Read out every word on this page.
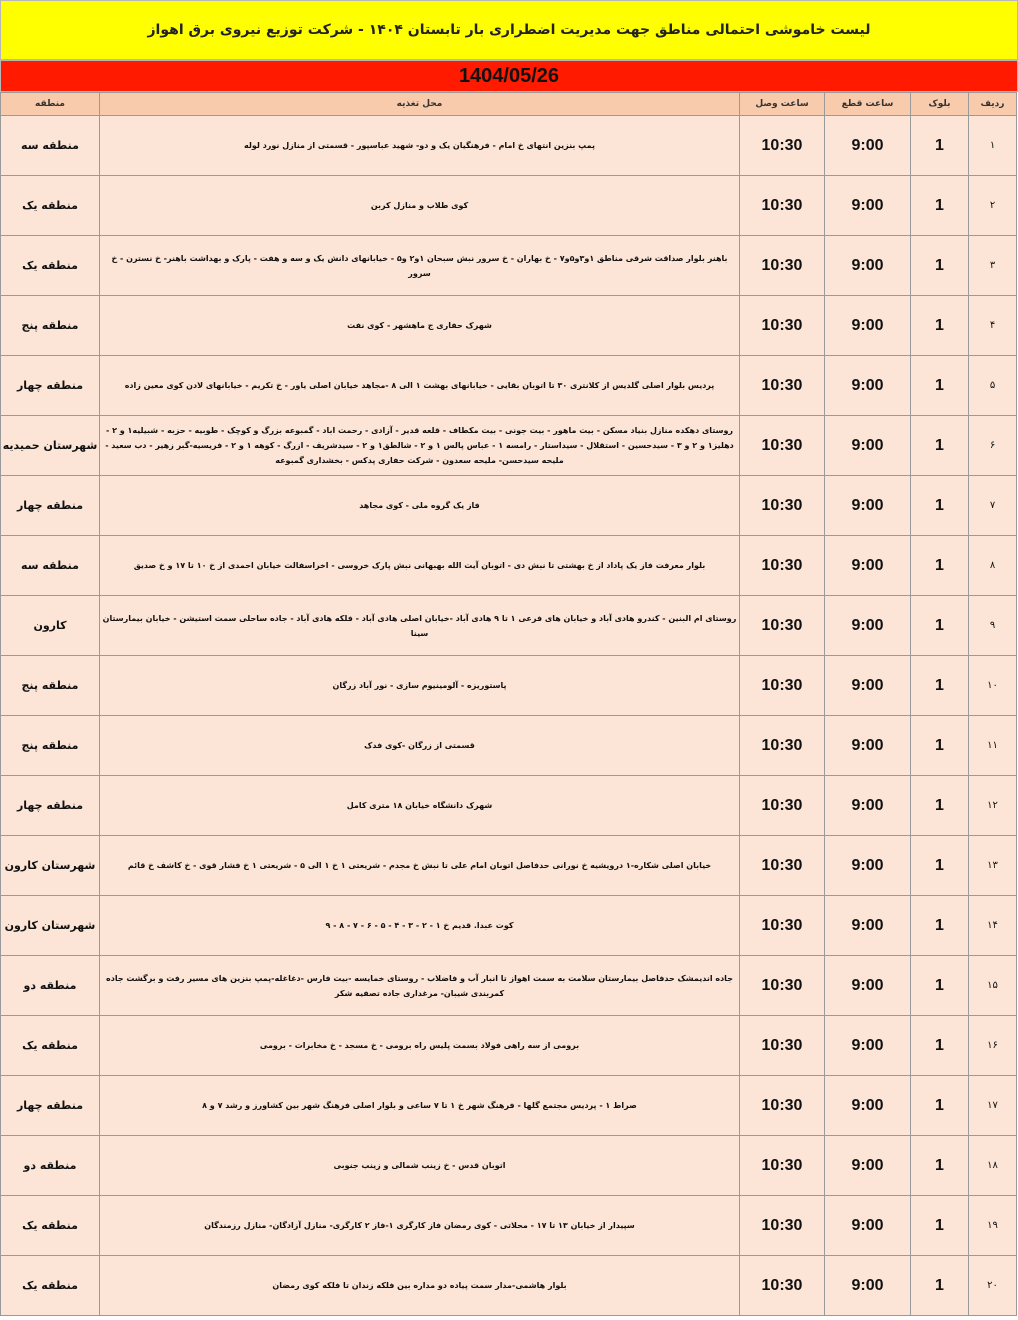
لیست خاموشی احتمالی مناطق جهت مدیریت اضطراری بار تابستان ۱۴۰۴ - شرکت توزیع نیروی برق اهواز
1404/05/26
ردیف	بلوک	ساعت قطع	ساعت وصل	محل تغذیه	منطقه
۱	1	9:00	10:30	پمپ بنزین انتهای خ امام - فرهنگیان یک و دو- شهید عباسپور - قسمتی از منازل نورد لوله	منطقه سه
۲	1	9:00	10:30	کوی طلاب و منازل کربن	منطقه یک
۳	1	9:00	10:30	باهنر بلوار صداقت شرقی مناطق ۱و۳و۵و۷ - خ بهاران - خ سرور نبش سبحان ۱و۲ و۵ - خیابانهای دانش یک و سه و هفت - پارک و بهداشت باهنر- خ نسترن - خ سرور	منطقه یک
۴	1	9:00	10:30	شهرک حفاری ج ماهشهر - کوی نفت	منطقه پنج
۵	1	9:00	10:30	پردیس بلوار اصلی گلدیس از کلانتری ۳۰ تا اتوبان بقایی - خیابانهای بهشت ۱ الی ۸ -مجاهد خیابان اصلی یاور - خ تکریم - خیابانهای لادن کوی معین زاده	منطقه چهار
۶	1	9:00	10:30	روستای دهکده منازل بنیاد مسکن - بیت ماهور - بیت جونی - بیت مکطاف - قلعه قدیر - آزادی - رحمت اباد - گمبوعه بزرگ و کوچک - طوبیه - حزبه - شبیلیه۱ و ۲ - دهلیز۱ و ۲ و ۳ - سیدحسین - استقلال - سیداستار - رامسه ۱ - عباس پالس ۱ و ۲ - شالطق۱ و ۲ - سیدشریف - ازرگ - کوهه ۱ و ۲ - فریسیه-گبر زهیر - دب سعید - ملیحه سیدحسن- ملیحه سعدون - شرکت حفاری پدکس - بخشداری گمبوعه	شهرستان حمیدیه
۷	1	9:00	10:30	فاز یک گروه ملی - کوی مجاهد	منطقه چهار
۸	1	9:00	10:30	بلوار معرفت فاز یک پاداد از خ بهشتی تا نبش دی - اتوبان آیت الله بهبهانی نبش پارک خروسی - اخراسفالت خیابان احمدی از خ ۱۰ تا ۱۷ و خ صدیق	منطقه سه
۹	1	9:00	10:30	روستای ام البنین - کندرو هادی آباد و خیابان های فرعی ۱ تا ۹ هادی آباد -خیابان اصلی هادی آباد - فلکه هادی آباد - جاده ساحلی سمت استیشن - خیابان بیمارستان سینا	کارون
۱۰	1	9:00	10:30	پاستوریزه - آلومینیوم سازی - نور آباد زرگان	منطقه پنج
۱۱	1	9:00	10:30	قسمتی از زرگان -کوی فدک	منطقه پنج
۱۲	1	9:00	10:30	شهرک دانشگاه خیابان ۱۸ متری کامل	منطقه چهار
۱۳	1	9:00	10:30	خیابان اصلی شکاره-۱ درویشیه خ نورانی حدفاصل اتوبان امام علی تا نبش خ مجدم - شریعتی ۱ خ ۱ الی ۵ - شریعتی ۱ خ فشار قوی - خ کاشف خ قائم	شهرستان کارون
۱۴	1	9:00	10:30	کوت عبدا. قدیم خ ۱ - ۲ - ۳ - ۴ - ۵ - ۶ - ۷ - ۸ - ۹	شهرستان کارون
۱۵	1	9:00	10:30	جاده اندیمشک حدفاصل بیمارستان سلامت به سمت اهواز تا انبار آب و فاضلاب - روستای خمایسه -بیت فارس -دغاغله-پمپ بنزین های مسیر رفت و برگشت جاده کمربندی شیبان- مرغداری جاده تصفیه شکر	منطقه دو
۱۶	1	9:00	10:30	برومی از سه راهی فولاد بسمت پلیس راه برومی - خ مسجد - خ مخابرات - برومی	منطقه یک
۱۷	1	9:00	10:30	صراط ۱ - پردیس مجتمع گلها - فرهنگ شهر خ ۱ تا ۷ ساعی و بلوار اصلی فرهنگ شهر بین کشاورز و رشد ۷ و ۸	منطقه چهار
۱۸	1	9:00	10:30	اتوبان قدس - خ زینب شمالی و زینب جنوبی	منطقه دو
۱۹	1	9:00	10:30	سپیدار از خیابان ۱۳ تا ۱۷ - محلاتی - کوی رمضان فاز کارگری ۱-فاز ۲ کارگری- منازل آزادگان- منازل رزمندگان	منطقه یک
۲۰	1	9:00	10:30	بلوار هاشمی-مدار سمت پیاده دو مداره بین فلکه زندان تا فلکه کوی رمضان	منطقه یک
